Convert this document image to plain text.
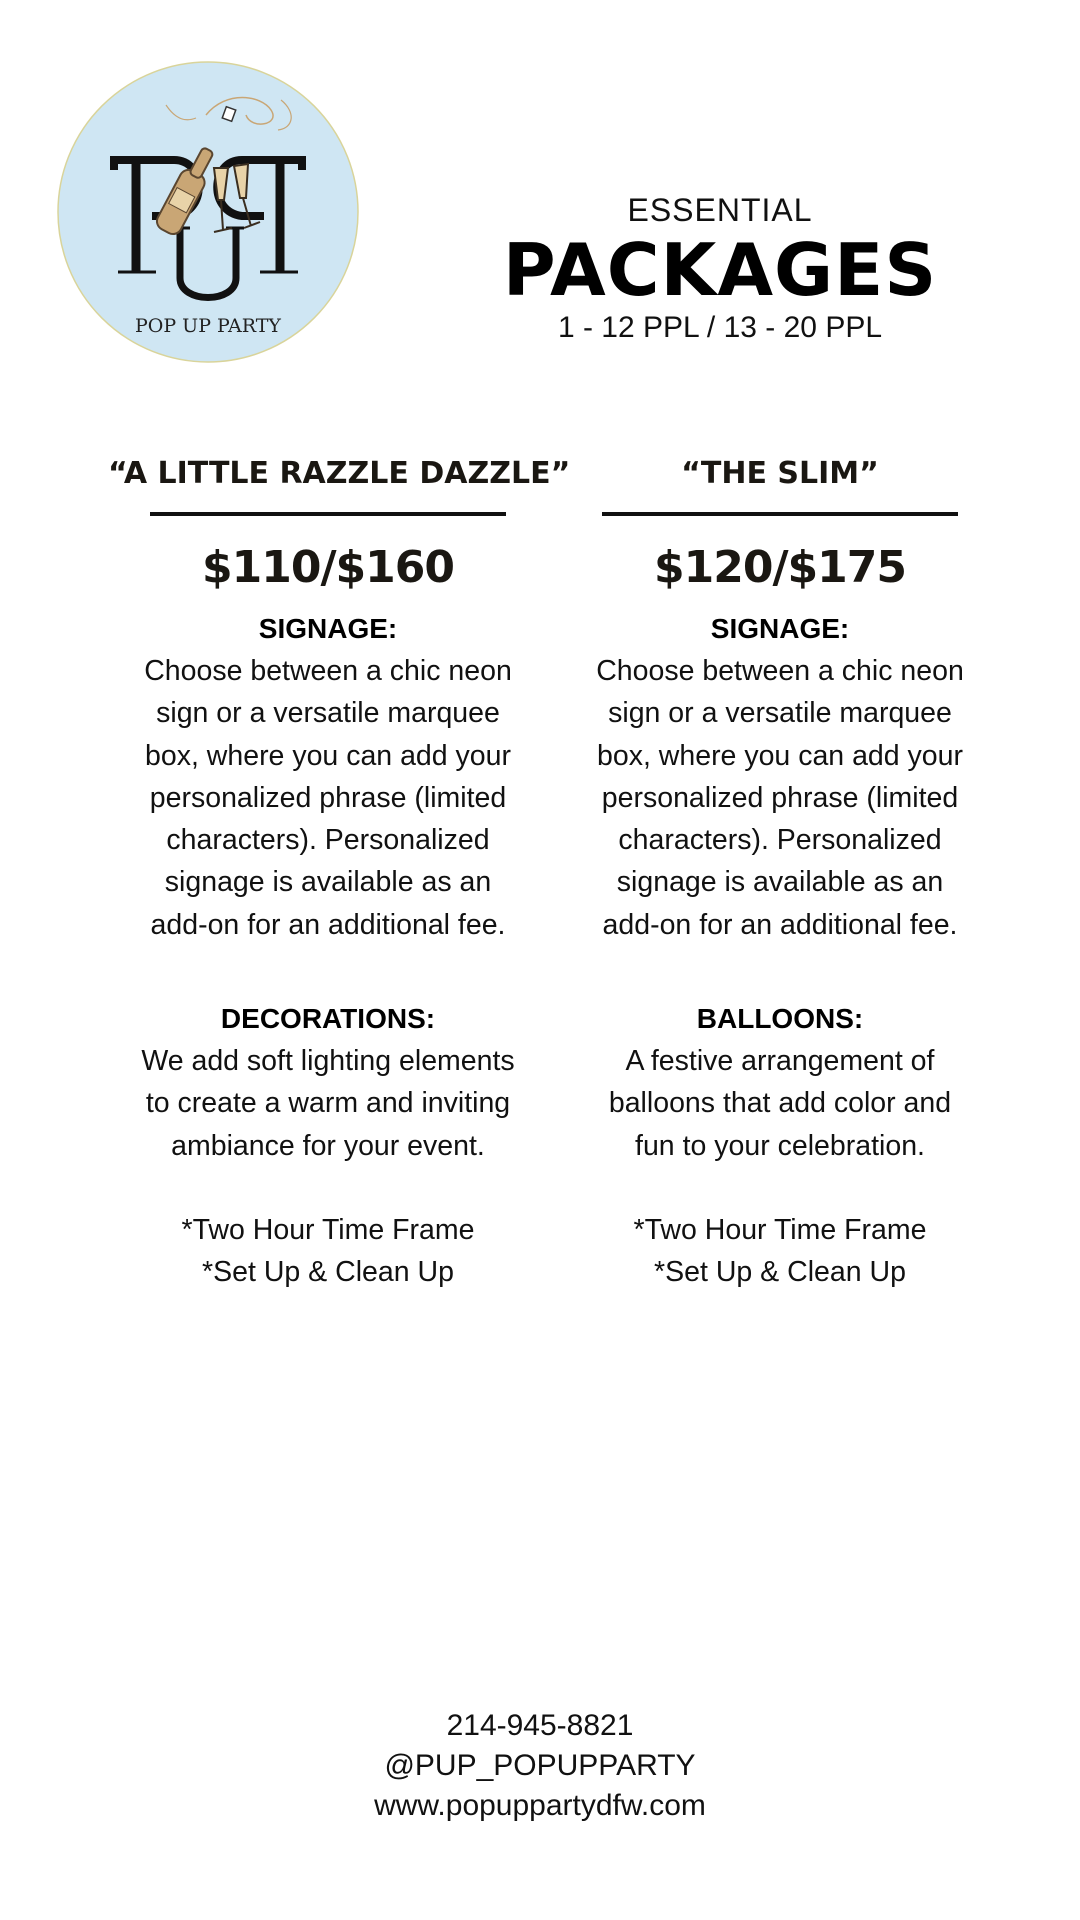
POP UP PARTY
ESSENTIAL
PACKAGES
1 - 12 PPL / 13 - 20 PPL
“A LITTLE RAZZLE DAZZLE”
$110/$160
SIGNAGE:
Choose between a chic neon sign or a versatile marquee box, where you can add your personalized phrase (limited characters). Personalized signage is available as an add-on for an additional fee.
DECORATIONS:
We add soft lighting elements to create a warm and inviting ambiance for your event.
*Two Hour Time Frame
*Set Up & Clean Up
“THE SLIM”
$120/$175
SIGNAGE:
Choose between a chic neon sign or a versatile marquee box, where you can add your personalized phrase (limited characters). Personalized signage is available as an add-on for an additional fee.
BALLOONS:
A festive arrangement of balloons that add color and fun to your celebration.
*Two Hour Time Frame
*Set Up & Clean Up
214-945-8821
@PUP_POPUPPARTY
www.popuppartydfw.com
